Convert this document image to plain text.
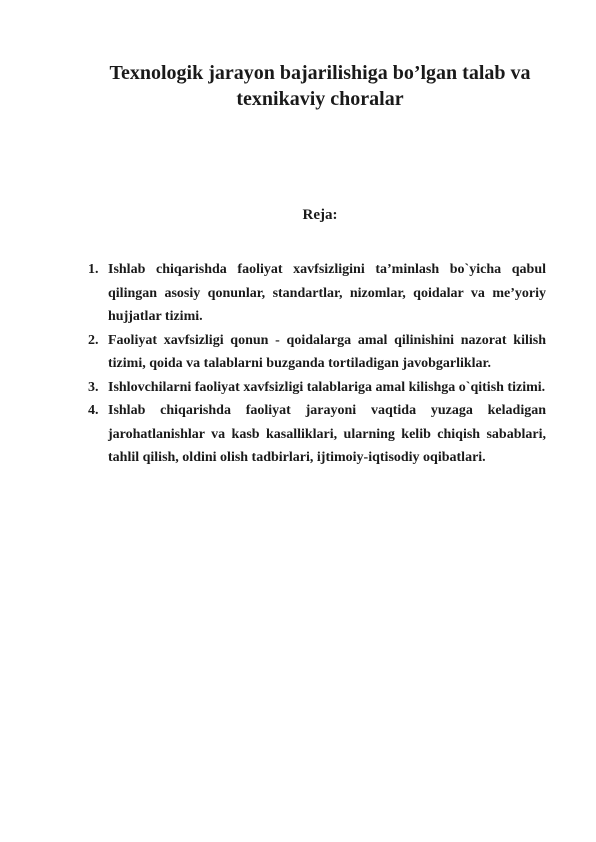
Texnologik jarayon bajarilishiga bo’lgan talab va texnikaviy choralar
Reja:
1. Ishlab chiqarishda faoliyat xavfsizligini ta’minlash bo`yicha qabul qilingan asosiy qonunlar, standartlar, nizomlar, qoidalar va me’yoriy hujjatlar tizimi.
2. Faoliyat xavfsizligi qonun - qoidalarga amal qilinishini nazorat kilish tizimi, qoida va talablarni buzganda tortiladigan javobgarliklar.
3. Ishlovchilarni faoliyat xavfsizligi talablariga amal kilishga o`qitish tizimi.
4. Ishlab chiqarishda faoliyat jarayoni vaqtida yuzaga keladigan jarohatlanishlar va kasb kasalliklari, ularning kelib chiqish sabablari, tahlil qilish, oldini olish tadbirlari, ijtimoiy-iqtisodiy oqibatlari.
